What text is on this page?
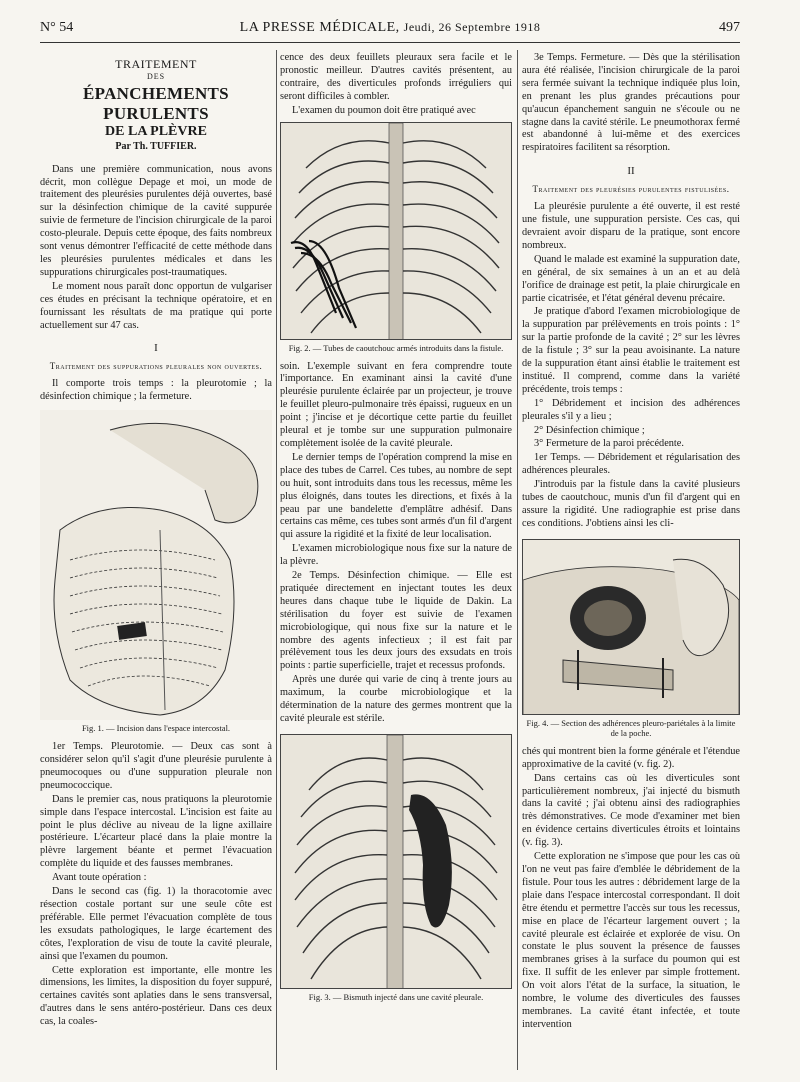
N° 54	LA PRESSE MÉDICALE, Jeudi, 26 Septembre 1918	497
TRAITEMENT
DES
ÉPANCHEMENTS PURULENTS
DE LA PLÈVRE
Par Th. TUFFIER.

Dans une première communication, nous avons décrit, mon collègue Depage et moi, un mode de traitement des pleurésies purulentes déjà ouvertes, basé sur la désinfection chimique de la cavité suppurée suivie de fermeture de l'incision chirurgicale de la paroi costo-pleurale. Depuis cette époque, des faits nombreux sont venus démontrer l'efficacité de cette méthode dans les pleurésies purulentes médicales et dans les suppurations chirurgicales post-traumatiques.

Le moment nous paraît donc opportun de vulgariser ces études en précisant la technique opératoire, et en fournissant les résultats de ma pratique qui porte actuellement sur 47 cas.

I
Traitement des suppurations pleurales non ouvertes.

Il comporte trois temps : la pleurotomie ; la désinfection chimique ; la fermeture.

Fig. 1. — Incision dans l'espace intercostal.

1er Temps. Pleurotomie. — Deux cas sont à considérer selon qu'il s'agit d'une pleurésie purulente à pneumocoques ou d'une suppuration pleurale non pneumococcique.

Dans le premier cas, nous pratiquons la pleurotomie simple dans l'espace intercostal. L'incision est faite au point le plus déclive au niveau de la ligne axillaire postérieure. L'écarteur placé dans la plaie montre la plèvre largement béante et permet l'évacuation complète du liquide et des fausses membranes.

Avant toute opération :

Dans le second cas (fig. 1) la thoracotomie avec résection costale portant sur une seule côte est préférable. Elle permet l'évacuation complète de tous les exsudats pathologiques, le large écartement des côtes, l'exploration de visu de toute la cavité pleurale, ainsi que l'examen du poumon.

Cette exploration est importante, elle montre les dimensions, les limites, la disposition du foyer suppuré, certaines cavités sont aplaties dans le sens transversal, d'autres dans le sens antéro-postérieur. Dans ces deux cas, la coales-

cence des deux feuillets pleuraux sera facile et le pronostic meilleur. D'autres cavités présentent, au contraire, des diverticules profonds irréguliers qui seront difficiles à combler.

L'examen du poumon doit être pratiqué avec

Fig. 2. — Tubes de caoutchouc armés introduits dans la fistule.

soin. L'exemple suivant en fera comprendre toute l'importance. En examinant ainsi la cavité d'une pleurésie purulente éclairée par un projecteur, je trouve le feuillet pleuro-pulmonaire très épaissi, rugueux en un point ; j'incise et je décortique cette partie du feuillet pleural et je tombe sur une suppuration pulmonaire complètement isolée de la cavité pleurale.

Le dernier temps de l'opération comprend la mise en place des tubes de Carrel. Ces tubes, au nombre de sept ou huit, sont introduits dans tous les recessus, même les plus éloignés, dans toutes les directions, et fixés à la peau par une bandelette d'emplâtre adhésif. Dans certains cas même, ces tubes sont armés d'un fil d'argent qui assure la rigidité et la fixité de leur localisation.

L'examen microbiologique nous fixe sur la nature de la plèvre.

2e Temps. Désinfection chimique. — Elle est pratiquée directement en injectant toutes les deux heures dans chaque tube le liquide de Dakin. La stérilisation du foyer est suivie de l'examen microbiologique, qui nous fixe sur la nature et le nombre des agents infectieux ; il est fait par prélèvement tous les deux jours des exsudats en trois points : partie superficielle, trajet et recessus profonds.

Après une durée qui varie de cinq à trente jours au maximum, la courbe microbiologique et la détermination de la nature des germes montrent que la cavité pleurale est stérile.

Fig. 3. — Bismuth injecté dans une cavité pleurale.

3e Temps. Fermeture. — Dès que la stérilisation aura été réalisée, l'incision chirurgicale de la paroi sera fermée suivant la technique indiquée plus loin, en prenant les plus grandes précautions pour qu'aucun épanchement sanguin ne s'écoule ou ne stagne dans la cavité stérile. Le pneumothorax fermé est abandonné à lui-même et des exercices respiratoires facilitent sa résorption.

II
Traitement des pleurésies purulentes fistulisées.

La pleurésie purulente a été ouverte, il est resté une fistule, une suppuration persiste. Ces cas, qui devraient avoir disparu de la pratique, sont encore nombreux.

Quand le malade est examiné la suppuration date, en général, de six semaines à un an et au delà l'orifice de drainage est petit, la plaie chirurgicale en partie cicatrisée, et l'état général devenu précaire.

Je pratique d'abord l'examen microbiologique de la suppuration par prélèvements en trois points : 1° sur la partie profonde de la cavité ; 2° sur les lèvres de la fistule ; 3° sur la peau avoisinante. La nature de la suppuration étant ainsi établie le traitement est institué. Il comprend, comme dans la variété précédente, trois temps :

1° Débridement et incision des adhérences pleurales s'il y a lieu ;

2° Désinfection chimique ;

3° Fermeture de la paroi précédente.

1er Temps. — Débridement et régularisation des adhérences pleurales.

J'introduis par la fistule dans la cavité plusieurs tubes de caoutchouc, munis d'un fil d'argent qui en assure la rigidité. Une radiographie est prise dans ces conditions. J'obtiens ainsi les cli-

Fig. 4. — Section des adhérences pleuro-pariétales à la limite de la poche.

chés qui montrent bien la forme générale et l'étendue approximative de la cavité (v. fig. 2).

Dans certains cas où les diverticules sont particulièrement nombreux, j'ai injecté du bismuth dans la cavité ; j'ai obtenu ainsi des radiographies très démonstratives. Ce mode d'examiner met bien en évidence certains diverticules étroits et lointains (v. fig. 3).

Cette exploration ne s'impose que pour les cas où l'on ne veut pas faire d'emblée le débridement de la fistule. Pour tous les autres : débridement large de la plaie dans l'espace intercostal correspondant. Il doit être étendu et permettre l'accès sur tous les recessus, mise en place de l'écarteur largement ouvert ; la cavité pleurale est éclairée et explorée de visu. On constate le plus souvent la présence de fausses membranes grises à la surface du poumon qui est fixe. Il suffit de les enlever par simple frottement. On voit alors l'état de la surface, la situation, le nombre, le volume des diverticules des fausses membranes. La cavité étant infectée, et toute intervention
